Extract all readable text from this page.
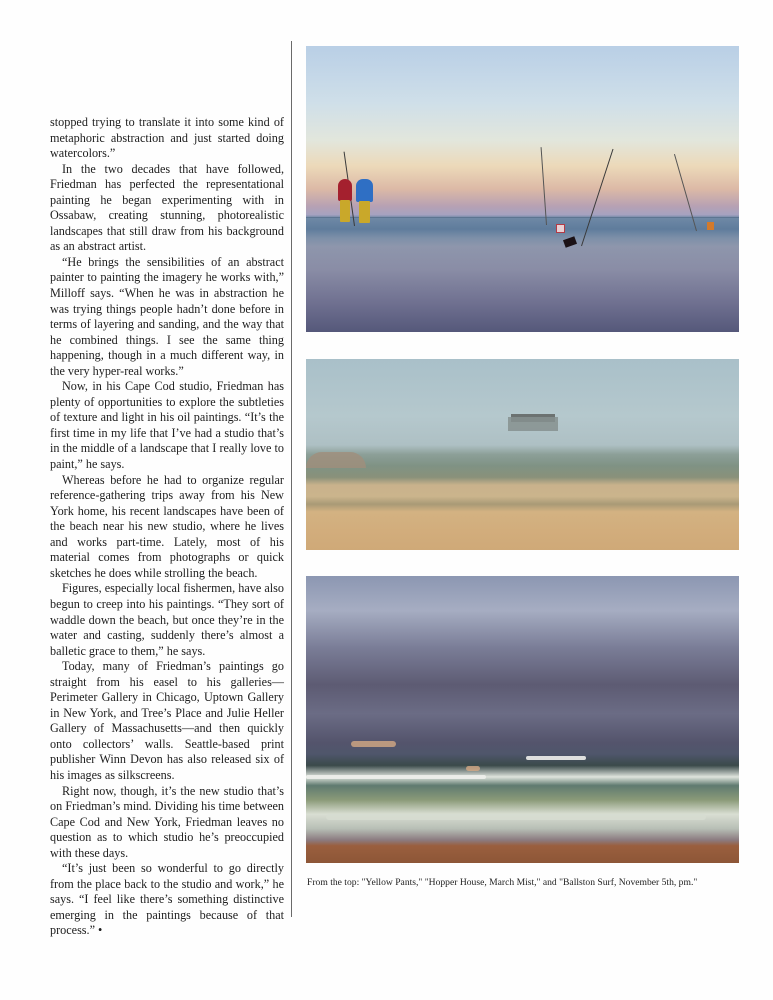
stopped trying to translate it into some kind of metaphoric abstraction and just started doing watercolors.”

In the two decades that have followed, Friedman has perfected the representational painting he began experimenting with in Ossabaw, creating stunning, photorealistic landscapes that still draw from his background as an abstract artist.

“He brings the sensibilities of an abstract painter to painting the imagery he works with,” Milloff says. “When he was in abstraction he was trying things people hadn’t done before in terms of layering and sanding, and the way that he combined things. I see the same thing happening, though in a much different way, in the very hyper-real works.”

Now, in his Cape Cod studio, Friedman has plenty of opportunities to explore the subtleties of texture and light in his oil paintings. “It’s the first time in my life that I’ve had a studio that’s in the middle of a landscape that I really love to paint,” he says.

Whereas before he had to organize regular reference-gathering trips away from his New York home, his recent landscapes have been of the beach near his new studio, where he lives and works part-time. Lately, most of his material comes from photographs or quick sketches he does while strolling the beach.

Figures, especially local fishermen, have also begun to creep into his paintings. “They sort of waddle down the beach, but once they’re in the water and casting, suddenly there’s almost a balletic grace to them,” he says.

Today, many of Friedman’s paintings go straight from his easel to his galleries—Perimeter Gallery in Chicago, Uptown Gallery in New York, and Tree’s Place and Julie Heller Gallery of Massachusetts—and then quickly onto collectors’ walls. Seattle-based print publisher Winn Devon has also released six of his images as silkscreens.

Right now, though, it’s the new studio that’s on Friedman’s mind. Dividing his time between Cape Cod and New York, Friedman leaves no question as to which studio he’s preoccupied with these days.

“It’s just been so wonderful to go directly from the place back to the studio and work,” he says. “I feel like there’s something distinctive emerging in the paintings because of that process.” •

From the top: "Yellow Pants," "Hopper House, March Mist," and "Ballston Surf, November 5th, pm."
